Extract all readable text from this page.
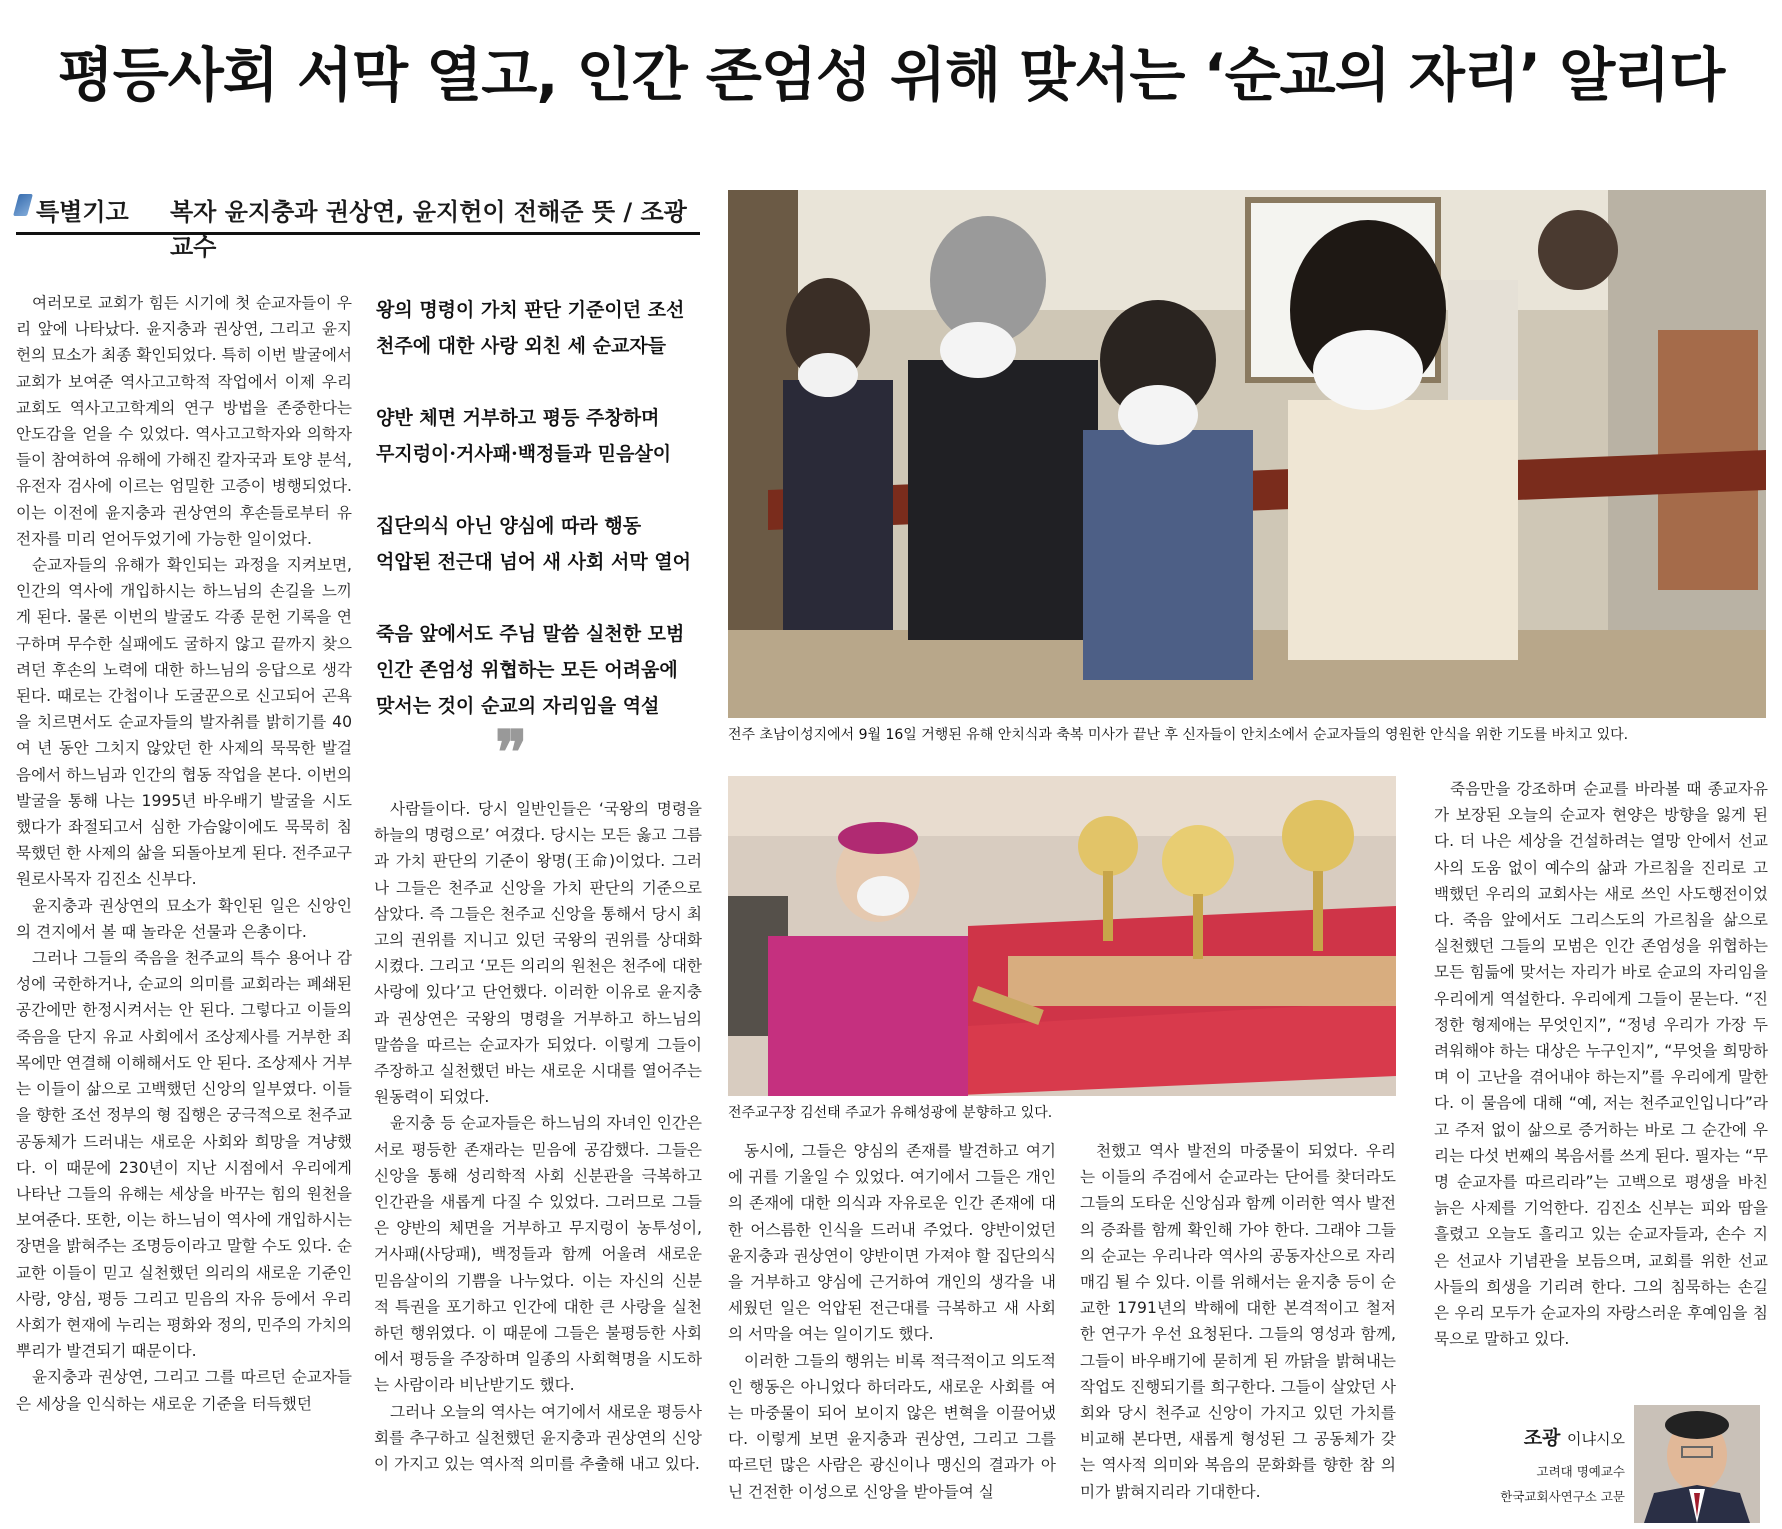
평등사회 서막 열고, 인간 존엄성 위해 맞서는 ‘순교의 자리’ 알리다
특별기고 복자 윤지충과 권상연, 윤지헌이 전해준 뜻 / 조광 교수

여러모로 교회가 힘든 시기에 첫 순교자들이 우리 앞에 나타났다. 윤지충과 권상연, 그리고 윤지헌의 묘소가 최종 확인되었다. 특히 이번 발굴에서 교회가 보여준 역사고고학적 작업에서 이제 우리 교회도 역사고고학계의 연구 방법을 존중한다는 안도감을 얻을 수 있었다. 역사고고학자와 의학자들이 참여하여 유해에 가해진 칼자국과 토양 분석, 유전자 검사에 이르는 엄밀한 고증이 병행되었다. 이는 이전에 윤지충과 권상연의 후손들로부터 유전자를 미리 얻어두었기에 가능한 일이었다.

순교자들의 유해가 확인되는 과정을 지켜보면, 인간의 역사에 개입하시는 하느님의 손길을 느끼게 된다. 물론 이번의 발굴도 각종 문헌 기록을 연구하며 무수한 실패에도 굴하지 않고 끝까지 찾으려던 후손의 노력에 대한 하느님의 응답으로 생각된다. 때로는 간첩이나 도굴꾼으로 신고되어 곤욕을 치르면서도 순교자들의 발자취를 밝히기를 40여 년 동안 그치지 않았던 한 사제의 묵묵한 발걸음에서 하느님과 인간의 협동 작업을 본다. 이번의 발굴을 통해 나는 1995년 바우배기 발굴을 시도했다가 좌절되고서 심한 가슴앓이에도 묵묵히 침묵했던 한 사제의 삶을 되돌아보게 된다. 전주교구 원로사목자 김진소 신부다.

윤지충과 권상연의 묘소가 확인된 일은 신앙인의 견지에서 볼 때 놀라운 선물과 은총이다.

그러나 그들의 죽음을 천주교의 특수 용어나 감성에 국한하거나, 순교의 의미를 교회라는 폐쇄된 공간에만 한정시켜서는 안 된다. 그렇다고 이들의 죽음을 단지 유교 사회에서 조상제사를 거부한 죄목에만 연결해 이해해서도 안 된다. 조상제사 거부는 이들이 삶으로 고백했던 신앙의 일부였다. 이들을 향한 조선 정부의 형 집행은 궁극적으로 천주교 공동체가 드러내는 새로운 사회와 희망을 겨냥했다. 이 때문에 230년이 지난 시점에서 우리에게 나타난 그들의 유해는 세상을 바꾸는 힘의 원천을 보여준다. 또한, 이는 하느님이 역사에 개입하시는 장면을 밝혀주는 조명등이라고 말할 수도 있다. 순교한 이들이 믿고 실천했던 의리의 새로운 기준인 사랑, 양심, 평등 그리고 믿음의 자유 등에서 우리 사회가 현재에 누리는 평화와 정의, 민주의 가치의 뿌리가 발견되기 때문이다.

윤지충과 권상연, 그리고 그를 따르던 순교자들은 세상을 인식하는 새로운 기준을 터득했던

왕의 명령이 가치 판단 기준이던 조선
천주에 대한 사랑 외친 세 순교자들
양반 체면 거부하고 평등 주창하며
무지렁이·거사패·백정들과 믿음살이
집단의식 아닌 양심에 따라 행동
억압된 전근대 넘어 새 사회 서막 열어
죽음 앞에서도 주님 말씀 실천한 모범
인간 존엄성 위협하는 모든 어려움에
맞서는 것이 순교의 자리임을 역설
❞

사람들이다. 당시 일반인들은 ‘국왕의 명령을 하늘의 명령으로’ 여겼다. 당시는 모든 옳고 그름과 가치 판단의 기준이 왕명(王命)이었다. 그러나 그들은 천주교 신앙을 가치 판단의 기준으로 삼았다. 즉 그들은 천주교 신앙을 통해서 당시 최고의 권위를 지니고 있던 국왕의 권위를 상대화시켰다. 그리고 ‘모든 의리의 원천은 천주에 대한 사랑에 있다’고 단언했다. 이러한 이유로 윤지충과 권상연은 국왕의 명령을 거부하고 하느님의 말씀을 따르는 순교자가 되었다. 이렇게 그들이 주장하고 실천했던 바는 새로운 시대를 열어주는 원동력이 되었다.

윤지충 등 순교자들은 하느님의 자녀인 인간은 서로 평등한 존재라는 믿음에 공감했다. 그들은 신앙을 통해 성리학적 사회 신분관을 극복하고 인간관을 새롭게 다질 수 있었다. 그러므로 그들은 양반의 체면을 거부하고 무지렁이 농투성이, 거사패(사당패), 백정들과 함께 어울려 새로운 믿음살이의 기쁨을 나누었다. 이는 자신의 신분적 특권을 포기하고 인간에 대한 큰 사랑을 실천하던 행위였다. 이 때문에 그들은 불평등한 사회에서 평등을 주장하며 일종의 사회혁명을 시도하는 사람이라 비난받기도 했다.

그러나 오늘의 역사는 여기에서 새로운 평등사회를 추구하고 실천했던 윤지충과 권상연의 신앙이 가지고 있는 역사적 의미를 추출해 내고 있다.

전주 초남이성지에서 9월 16일 거행된 유해 안치식과 축복 미사가 끝난 후 신자들이 안치소에서 순교자들의 영원한 안식을 위한 기도를 바치고 있다.
전주교구장 김선태 주교가 유해성광에 분향하고 있다.

동시에, 그들은 양심의 존재를 발견하고 여기에 귀를 기울일 수 있었다. 여기에서 그들은 개인의 존재에 대한 의식과 자유로운 인간 존재에 대한 어스름한 인식을 드러내 주었다. 양반이었던 윤지충과 권상연이 양반이면 가져야 할 집단의식을 거부하고 양심에 근거하여 개인의 생각을 내세웠던 일은 억압된 전근대를 극복하고 새 사회의 서막을 여는 일이기도 했다.

이러한 그들의 행위는 비록 적극적이고 의도적인 행동은 아니었다 하더라도, 새로운 사회를 여는 마중물이 되어 보이지 않은 변혁을 이끌어냈다. 이렇게 보면 윤지충과 권상연, 그리고 그를 따르던 많은 사람은 광신이나 맹신의 결과가 아닌 건전한 이성으로 신앙을 받아들여 실

천했고 역사 발전의 마중물이 되었다. 우리는 이들의 주검에서 순교라는 단어를 찾더라도 그들의 도타운 신앙심과 함께 이러한 역사 발전의 증좌를 함께 확인해 가야 한다. 그래야 그들의 순교는 우리나라 역사의 공동자산으로 자리매김 될 수 있다. 이를 위해서는 윤지충 등이 순교한 1791년의 박해에 대한 본격적이고 철저한 연구가 우선 요청된다. 그들의 영성과 함께, 그들이 바우배기에 묻히게 된 까닭을 밝혀내는 작업도 진행되기를 희구한다. 그들이 살았던 사회와 당시 천주교 신앙이 가지고 있던 가치를 비교해 본다면, 새롭게 형성된 그 공동체가 갖는 역사적 의미와 복음의 문화화를 향한 참 의미가 밝혀지리라 기대한다.

죽음만을 강조하며 순교를 바라볼 때 종교자유가 보장된 오늘의 순교자 현양은 방향을 잃게 된다. 더 나은 세상을 건설하려는 열망 안에서 선교사의 도움 없이 예수의 삶과 가르침을 진리로 고백했던 우리의 교회사는 새로 쓰인 사도행전이었다. 죽음 앞에서도 그리스도의 가르침을 삶으로 실천했던 그들의 모범은 인간 존엄성을 위협하는 모든 힘듦에 맞서는 자리가 바로 순교의 자리임을 우리에게 역설한다. 우리에게 그들이 묻는다. “진정한 형제애는 무엇인지”, “정녕 우리가 가장 두려워해야 하는 대상은 누구인지”, “무엇을 희망하며 이 고난을 겪어내야 하는지”를 우리에게 말한다. 이 물음에 대해 “예, 저는 천주교인입니다”라고 주저 없이 삶으로 증거하는 바로 그 순간에 우리는 다섯 번째의 복음서를 쓰게 된다. 필자는 “무명 순교자를 따르리라”는 고백으로 평생을 바친 늙은 사제를 기억한다. 김진소 신부는 피와 땀을 흘렸고 오늘도 흘리고 있는 순교자들과, 손수 지은 선교사 기념관을 보듬으며, 교회를 위한 선교사들의 희생을 기리려 한다. 그의 침묵하는 손길은 우리 모두가 순교자의 자랑스러운 후예임을 침묵으로 말하고 있다.

조광 이냐시오
고려대 명예교수
한국교회사연구소 고문
